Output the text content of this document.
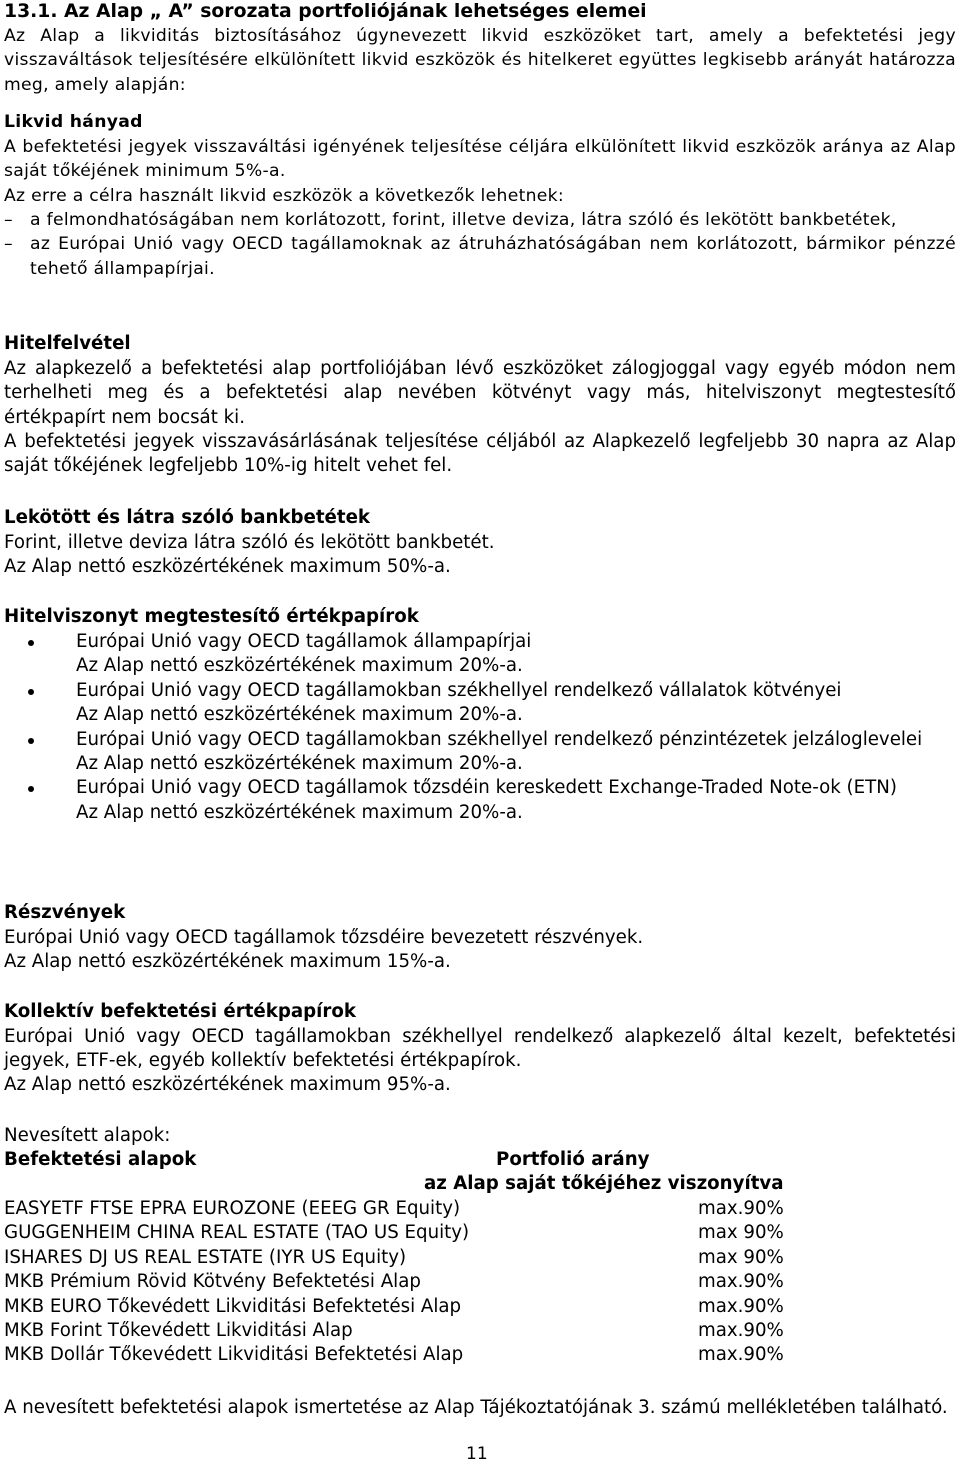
13.1. Az Alap „ A” sorozata portfoliójának lehetséges elemei

Az Alap a likviditás biztosításához úgynevezett likvid eszközöket tart, amely a befektetési jegy visszaváltások teljesítésére elkülönített likvid eszközök és hitelkeret együttes legkisebb arányát határozza meg, amely alapján:

Likvid hányad

A befektetési jegyek visszaváltási igényének teljesítése céljára elkülönített likvid eszközök aránya az Alap saját tőkéjének minimum 5%-a.

Az erre a célra használt likvid eszközök a következők lehetnek:

– a felmondhatóságában nem korlátozott, forint, illetve deviza, látra szóló és lekötött bankbetétek,
– az Európai Unió vagy OECD tagállamoknak az átruházhatóságában nem korlátozott, bármikor pénzzé tehető állampapírjai.

Hitelfelvétel

Az alapkezelő a befektetési alap portfoliójában lévő eszközöket zálogjoggal vagy egyéb módon nem terhelheti meg és a befektetési alap nevében kötvényt vagy más, hitelviszonyt megtestesítő értékpapírt nem bocsát ki.

A befektetési jegyek visszavásárlásának teljesítése céljából az Alapkezelő legfeljebb 30 napra az Alap saját tőkéjének legfeljebb 10%-ig hitelt vehet fel.

Lekötött és látra szóló bankbetétek

Forint, illetve deviza látra szóló és lekötött bankbetét.

Az Alap nettó eszközértékének maximum 50%-a.

Hitelviszonyt megtestesítő értékpapírok

Európai Unió vagy OECD tagállamok állampapírjai
Az Alap nettó eszközértékének maximum 20%-a.
Európai Unió vagy OECD tagállamokban székhellyel rendelkező vállalatok kötvényei
Az Alap nettó eszközértékének maximum 20%-a.
Európai Unió vagy OECD tagállamokban székhellyel rendelkező pénzintézetek jelzáloglevelei
Az Alap nettó eszközértékének maximum 20%-a.
Európai Unió vagy OECD tagállamok tőzsdéin kereskedett Exchange-Traded Note-ok (ETN)
Az Alap nettó eszközértékének maximum 20%-a.

Részvények

Európai Unió vagy OECD tagállamok tőzsdéire bevezetett részvények.

Az Alap nettó eszközértékének maximum 15%-a.

Kollektív befektetési értékpapírok

Európai Unió vagy OECD tagállamokban székhellyel rendelkező alapkezelő által kezelt, befektetési jegyek, ETF-ek, egyéb kollektív befektetési értékpapírok.

Az Alap nettó eszközértékének maximum 95%-a.

Nevesített alapok:

Befektetési alapok	Portfolió arány
az Alap saját tőkéjéhez viszonyítva
EASYETF FTSE EPRA EUROZONE (EEEG GR Equity)	max.90%
GUGGENHEIM CHINA REAL ESTATE (TAO US Equity)	max 90%
ISHARES DJ US REAL ESTATE (IYR US Equity)	max 90%
MKB Prémium Rövid Kötvény Befektetési Alap	max.90%
MKB EURO Tőkevédett Likviditási Befektetési Alap	max.90%
MKB Forint Tőkevédett Likviditási Alap	max.90%
MKB Dollár Tőkevédett Likviditási Befektetési Alap	max.90%

A nevesített befektetési alapok ismertetése az Alap Tájékoztatójának 3. számú mellékletében található.

11
